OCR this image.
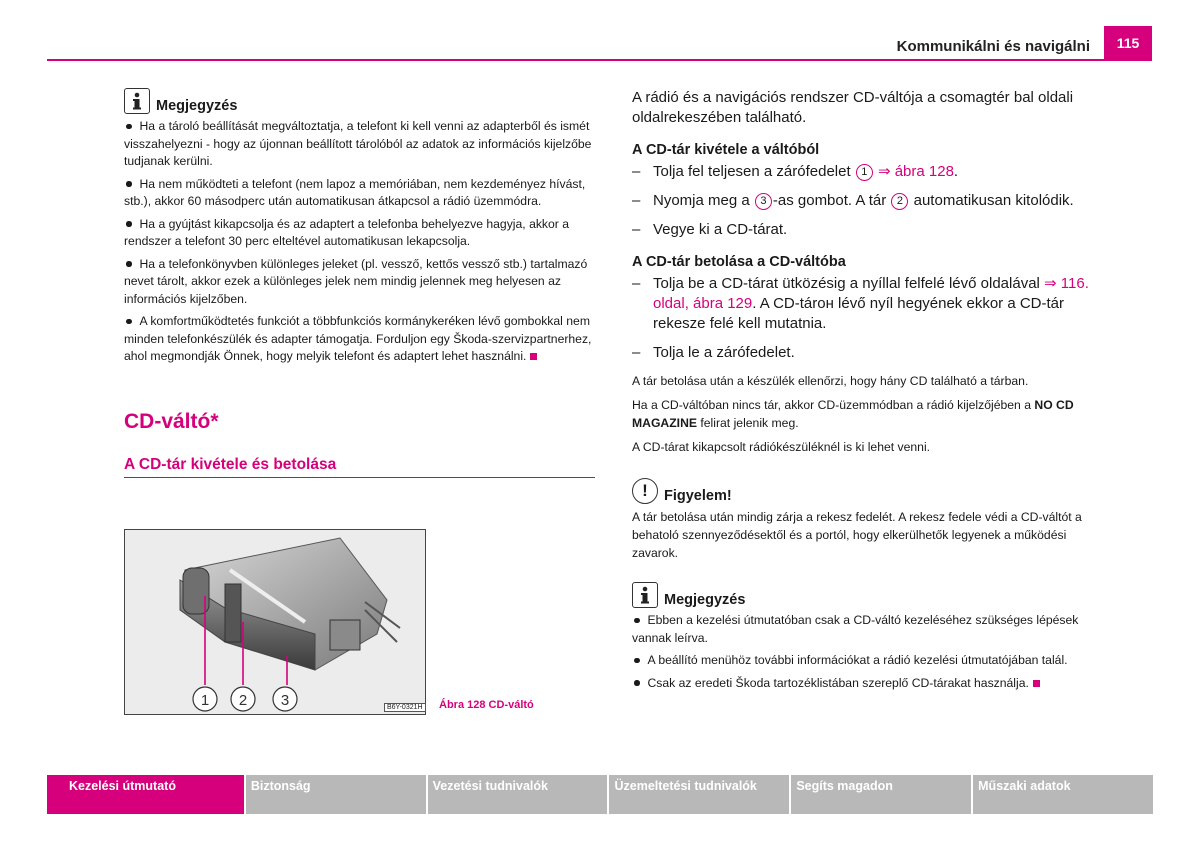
Kommunikálni és navigálni	115
Megjegyzés

Ha a tároló beállítását megváltoztatja, a telefont ki kell venni az adapterből és ismét visszahelyezni - hogy az újonnan beállított tárolóból az adatok az információs kijelzőbe tudjanak kerülni.

Ha nem működteti a telefont (nem lapoz a memóriában, nem kezdeményez hívást, stb.), akkor 60 másodperc után automatikusan átkapcsol a rádió üzemmódra.

Ha a gyújtást kikapcsolja és az adaptert a telefonba behelyezve hagyja, akkor a rendszer a telefont 30 perc elteltével automatikusan lekapcsolja.

Ha a telefonkönyvben különleges jeleket (pl. vessző, kettős vessző stb.) tartalmazó nevet tárolt, akkor ezek a különleges jelek nem mindig jelennek meg helyesen az információs kijelzőben.

A komfortműködtetés funkciót a többfunkciós kormánykeréken lévő gombokkal nem minden telefonkészülék és adapter támogatja. Forduljon egy Škoda-szervizpartnerhez, ahol megmondják Önnek, hogy melyik telefont és adaptert lehet használni.

CD-váltó*
A CD-tár kivétele és betolása
1 2 3	B6Y-0321H Ábra 128 CD-váltó

A rádió és a navigációs rendszer CD-váltója a csomagtér bal oldali oldalrekeszében található.

A CD-tár kivétele a váltóból
– Tolja fel teljesen a zárófedelet 1 ⇒ ábra 128.
– Nyomja meg a 3 -as gombot. A tár 2 automatikusan kitolódik.
– Vegye ki a CD-tárat.
A CD-tár betolása a CD-váltóba
– Tolja be a CD-tárat ütközésig a nyíllal felfelé lévő oldalával ⇒ 116. oldal, ábra 129. A CD-tároн lévő nyíl hegyének ekkor a CD-tár rekesze felé kell mutatnia.
– Tolja le a zárófedelet.

A tár betolása után a készülék ellenőrzi, hogy hány CD található a tárban.

Ha a CD-váltóban nincs tár, akkor CD-üzemmódban a rádió kijelzőjében a NO CD MAGAZINE felirat jelenik meg.

A CD-tárat kikapcsolt rádiókészüléknél is ki lehet venni.

!	Figyelem!

A tár betolása után mindig zárja a rekesz fedelét. A rekesz fedele védi a CD-váltót a behatoló szennyeződésektől és a portól, hogy elkerülhetők legyenek a működési zavarok.

Megjegyzés

Ebben a kezelési útmutatóban csak a CD-váltó kezeléséhez szükséges lépések vannak leírva.

A beállító menühöz további információkat a rádió kezelési útmutatójában talál.

Csak az eredeti Škoda tartozéklistában szereplő CD-tárakat használja.

Kezelési útmutató	Biztonság	Vezetési tudnivalók	Üzemeltetési tudnivalók	Segíts magadon	Műszaki adatok
